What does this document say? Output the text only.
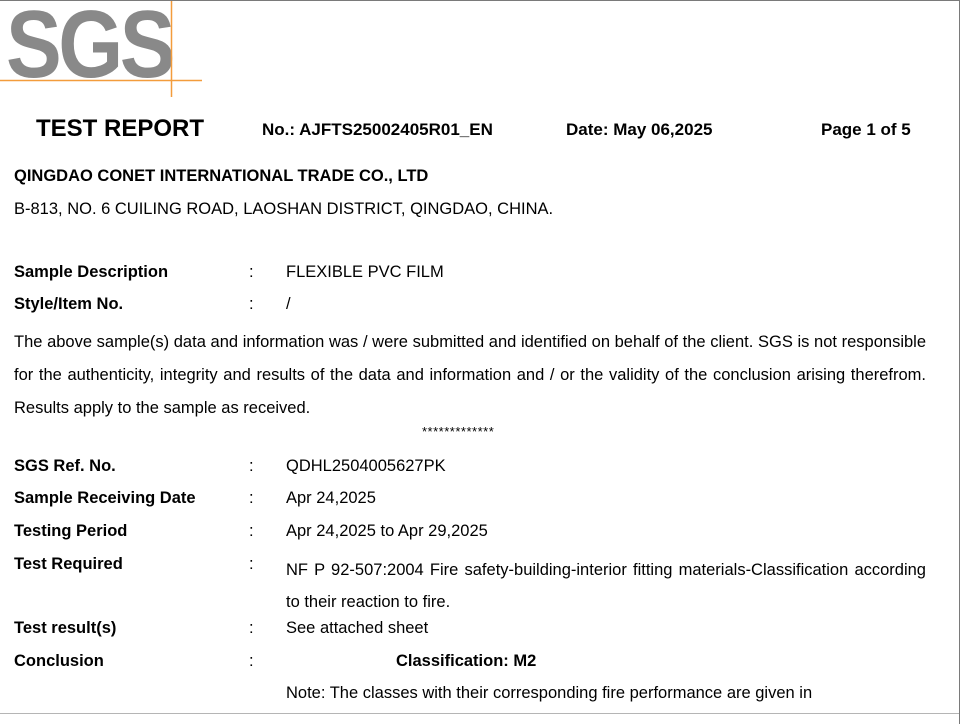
SGS
TEST REPORT	No.: AJFTS25002405R01_EN	Date: May 06,2025	Page 1 of 5
QINGDAO CONET INTERNATIONAL TRADE CO., LTD
B-813, NO. 6 CUILING ROAD, LAOSHAN DISTRICT, QINGDAO, CHINA.
Sample Description	: FLEXIBLE PVC FILM
Style/Item No.	: /
The above sample(s) data and information was / were submitted and identified on behalf of the client. SGS is not responsible for the authenticity, integrity and results of the data and information and / or the validity of the conclusion arising therefrom. Results apply to the sample as received.
*************
SGS Ref. No.	: QDHL2504005627PK
Sample Receiving Date	: Apr 24,2025
Testing Period	: Apr 24,2025 to Apr 29,2025
Test Required	: NF P 92-507:2004 Fire safety-building-interior fitting materials-Classification according to their reaction to fire.
Test result(s)	: See attached sheet
Conclusion	:	Classification: M2
Note: The classes with their corresponding fire performance are given in
